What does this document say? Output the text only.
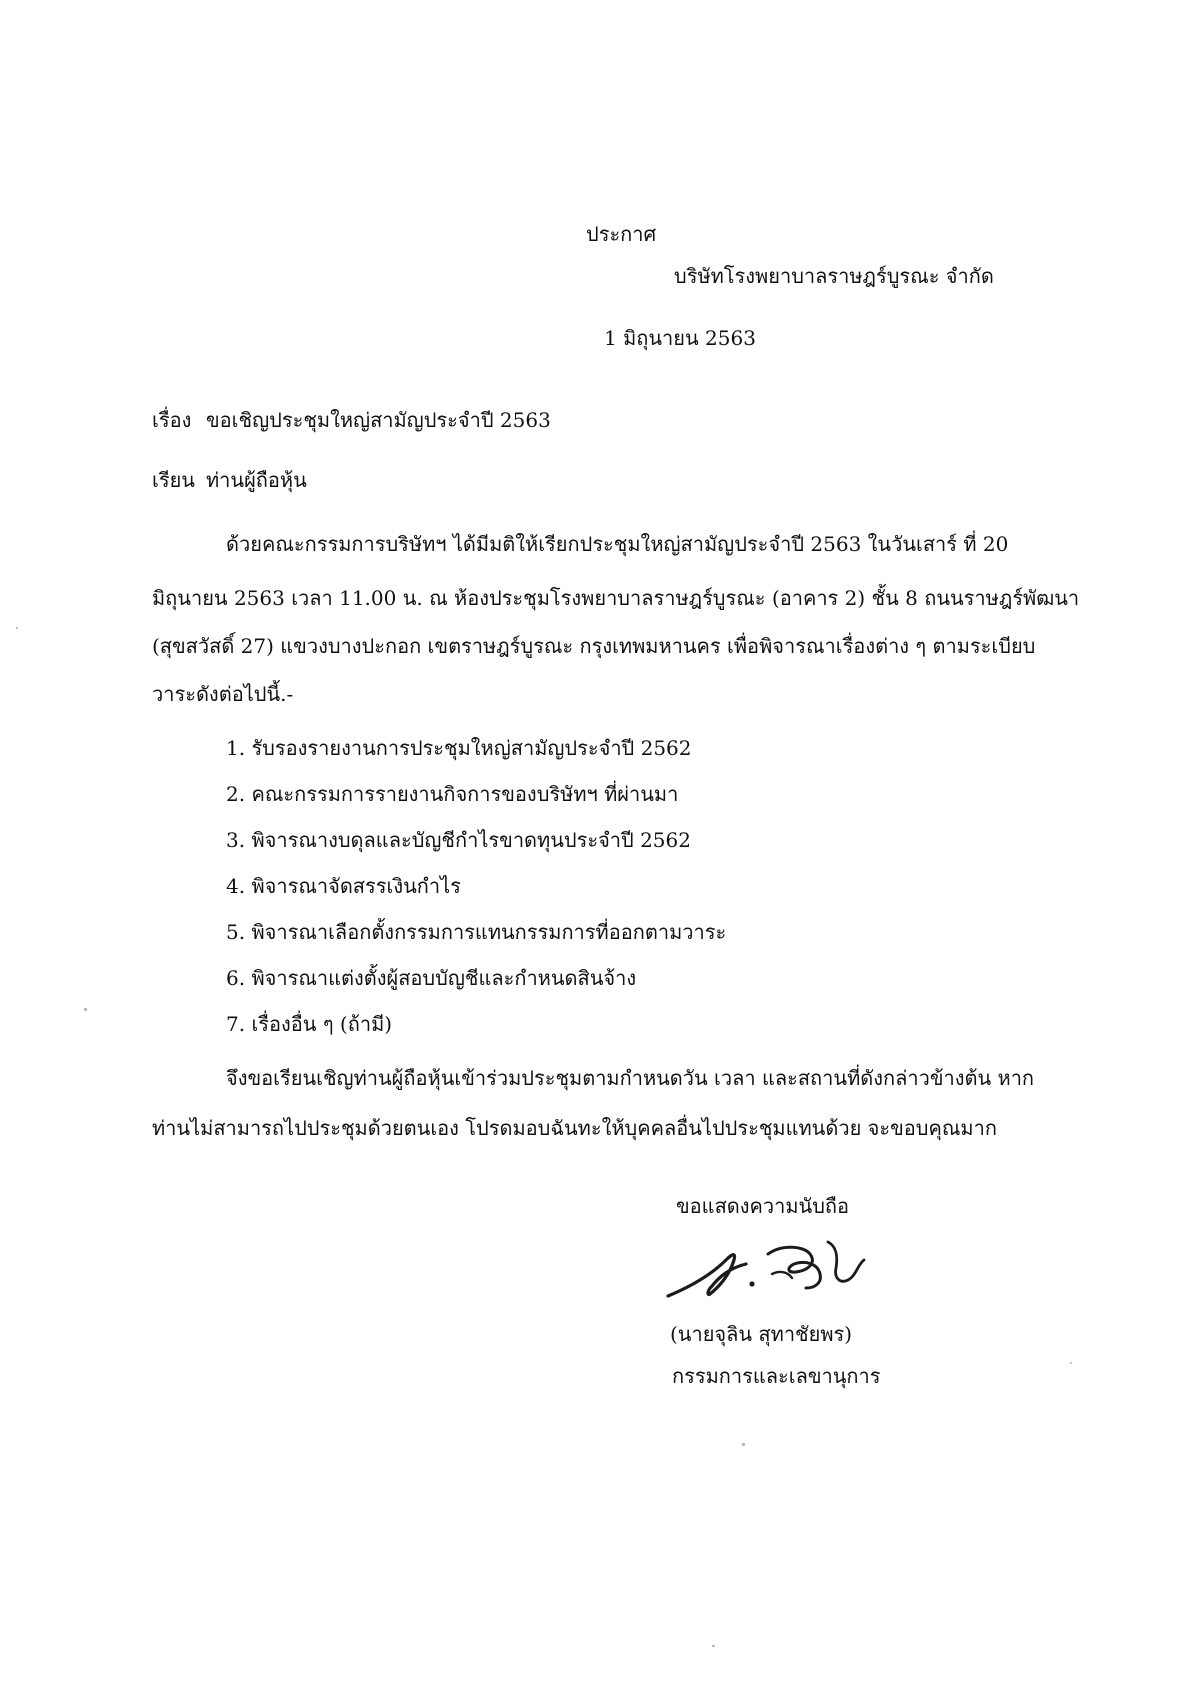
ประกาศ
บริษัทโรงพยาบาลราษฎร์บูรณะ จำกัด
1 มิถุนายน 2563
เรื่อง ขอเชิญประชุมใหญ่สามัญประจำปี 2563
เรียน ท่านผู้ถือหุ้น
ด้วยคณะกรรมการบริษัทฯ ได้มีมติให้เรียกประชุมใหญ่สามัญประจำปี 2563 ในวันเสาร์ ที่ 20
มิถุนายน 2563 เวลา 11.00 น. ณ ห้องประชุมโรงพยาบาลราษฎร์บูรณะ (อาคาร 2) ชั้น 8 ถนนราษฎร์พัฒนา
(สุขสวัสดิ์ 27) แขวงบางปะกอก เขตราษฎร์บูรณะ กรุงเทพมหานคร เพื่อพิจารณาเรื่องต่าง ๆ ตามระเบียบ
วาระดังต่อไปนี้.-
1. รับรองรายงานการประชุมใหญ่สามัญประจำปี 2562
2. คณะกรรมการรายงานกิจการของบริษัทฯ ที่ผ่านมา
3. พิจารณางบดุลและบัญชีกำไรขาดทุนประจำปี 2562
4. พิจารณาจัดสรรเงินกำไร
5. พิจารณาเลือกตั้งกรรมการแทนกรรมการที่ออกตามวาระ
6. พิจารณาแต่งตั้งผู้สอบบัญชีและกำหนดสินจ้าง
7. เรื่องอื่น ๆ (ถ้ามี)
จึงขอเรียนเชิญท่านผู้ถือหุ้นเข้าร่วมประชุมตามกำหนดวัน เวลา และสถานที่ดังกล่าวข้างต้น หาก
ท่านไม่สามารถไปประชุมด้วยตนเอง โปรดมอบฉันทะให้บุคคลอื่นไปประชุมแทนด้วย จะขอบคุณมาก
ขอแสดงความนับถือ
(นายจุลิน สุทาชัยพร)
กรรมการและเลขานุการ
